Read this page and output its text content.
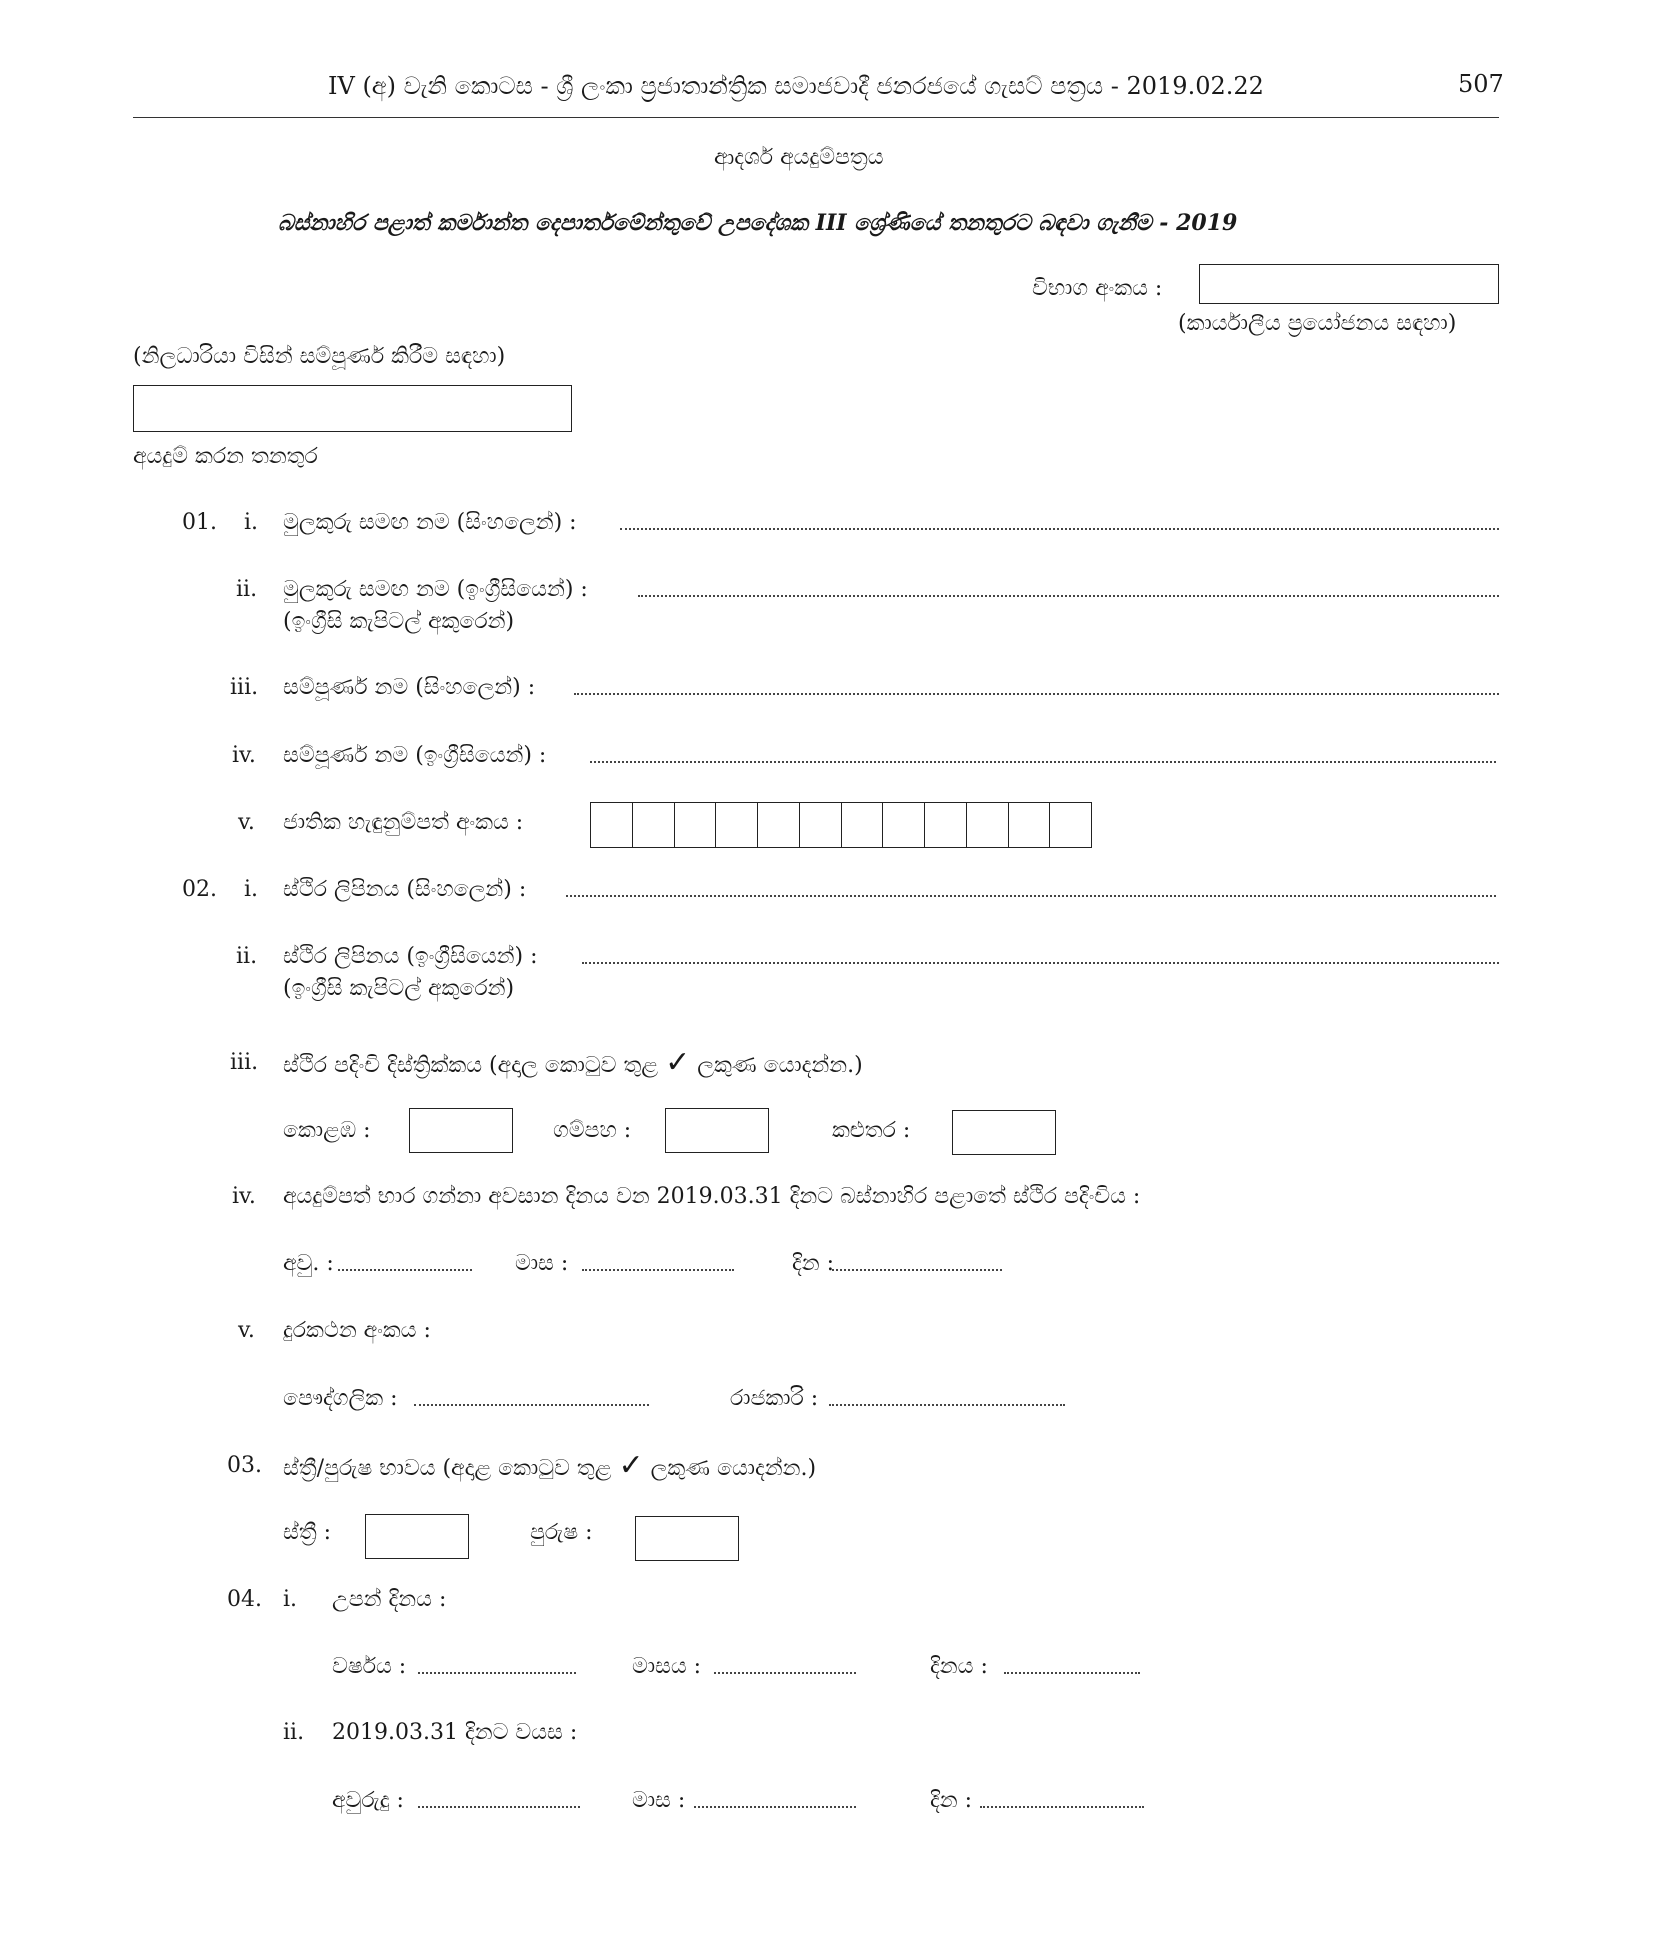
IV (අ) වැනි කොටස - ශ්‍රී ලංකා ප්‍රජාතාන්ත්‍රික සමාජවාදී ජනරජයේ ගැසට් පත්‍රය - 2019.02.22	507
ආදර්ශ අයදුම්පත්‍රය
බස්නාහිර පළාත් කර්මාන්ත දෙපාර්තමේන්තුවේ උපදේශක III ශ්‍රේණියේ තනතුරට බඳවා ගැනීම - 2019
විභාග අංකය :
(කාර්යාලීය ප්‍රයෝජනය සඳහා)
(නිලධාරියා විසින් සම්පූර්ණ කිරීම සඳහා)
අයදුම් කරන තනතුර
01. i. මුලකුරු සමඟ නම (සිංහලෙන්) :
ii. මුලකුරු සමඟ නම (ඉංග්‍රීසියෙන්) :
(ඉංග්‍රීසි කැපිටල් අකුරෙන්)
iii. සම්පූර්ණ නම (සිංහලෙන්) :
iv. සම්පූර්ණ නම (ඉංග්‍රීසියෙන්) :
v. ජාතික හැඳුනුම්පත් අංකය :
02. i. ස්ථිර ලිපිනය (සිංහලෙන්) :
ii. ස්ථිර ලිපිනය (ඉංග්‍රීසියෙන්) :
(ඉංග්‍රීසි කැපිටල් අකුරෙන්)
iii. ස්ථිර පදිංචි දිස්ත්‍රික්කය (අදාල කොටුව තුළ ✓ ලකුණ යොදන්න.)
කොළඹ :	ගම්පහ :	කළුතර :
iv. අයදුම්පත් භාර ගන්නා අවසාන දිනය වන 2019.03.31 දිනට බස්නාහිර පළාතේ ස්ථිර පදිංචිය :
අවු. :	මාස :	දින :
v. දුරකථන අංකය :
පෞද්ගලික :	රාජකාරි :
03. ස්ත්‍රී/පුරුෂ භාවය (අදාළ කොටුව තුළ ✓ ලකුණ යොදන්න.)
ස්ත්‍රී :	පුරුෂ :
04. i. උපන් දිනය :
වර්ෂය :	මාසය :	දිනය :
ii. 2019.03.31 දිනට වයස :
අවුරුදු :	මාස :	දින :
